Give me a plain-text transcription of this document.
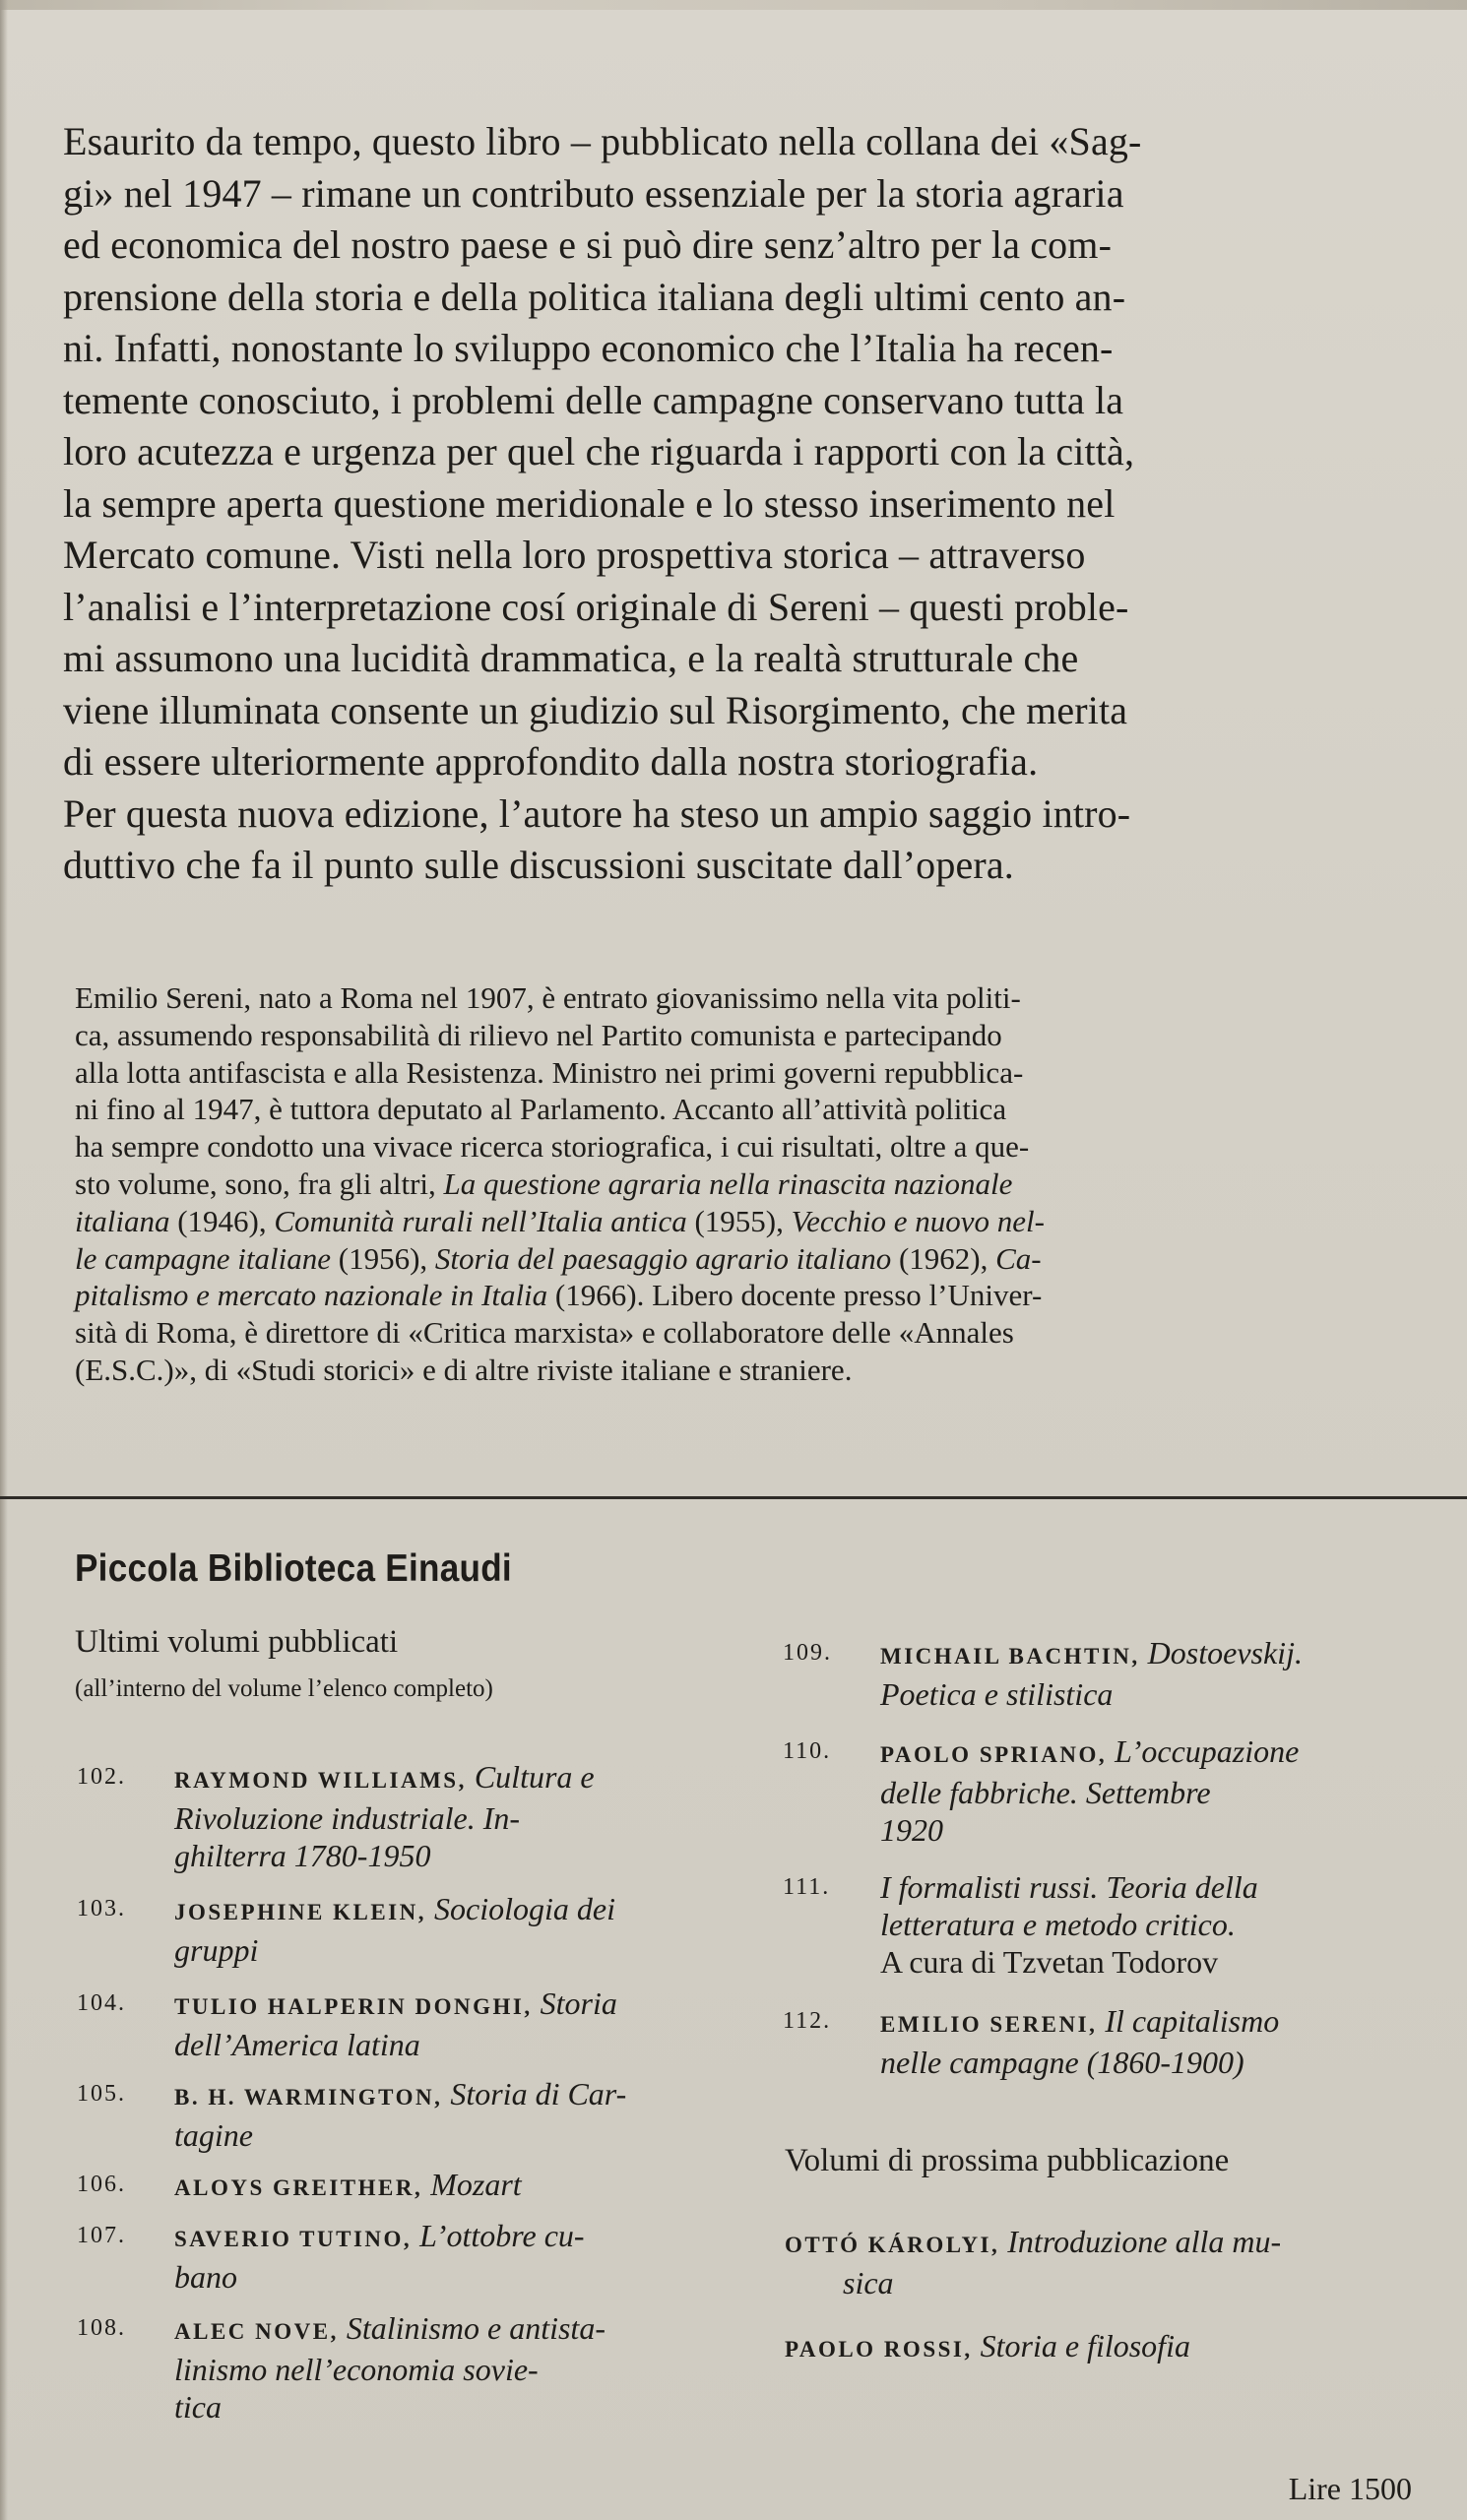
Esaurito da tempo, questo libro – pubblicato nella collana dei «Sag-
gi» nel 1947 – rimane un contributo essenziale per la storia agraria
ed economica del nostro paese e si può dire senz’altro per la com-
prensione della storia e della politica italiana degli ultimi cento an-
ni. Infatti, nonostante lo sviluppo economico che l’Italia ha recen-
temente conosciuto, i problemi delle campagne conservano tutta la
loro acutezza e urgenza per quel che riguarda i rapporti con la città,
la sempre aperta questione meridionale e lo stesso inserimento nel
Mercato comune. Visti nella loro prospettiva storica – attraverso
l’analisi e l’interpretazione cosí originale di Sereni – questi proble-
mi assumono una lucidità drammatica, e la realtà strutturale che
viene illuminata consente un giudizio sul Risorgimento, che merita
di essere ulteriormente approfondito dalla nostra storiografia.
Per questa nuova edizione, l’autore ha steso un ampio saggio intro-
duttivo che fa il punto sulle discussioni suscitate dall’opera.
Emilio Sereni, nato a Roma nel 1907, è entrato giovanissimo nella vita politi-
ca, assumendo responsabilità di rilievo nel Partito comunista e partecipando
alla lotta antifascista e alla Resistenza. Ministro nei primi governi repubblica-
ni fino al 1947, è tuttora deputato al Parlamento. Accanto all’attività politica
ha sempre condotto una vivace ricerca storiografica, i cui risultati, oltre a que-
sto volume, sono, fra gli altri, La questione agraria nella rinascita nazionale
italiana (1946), Comunità rurali nell’Italia antica (1955), Vecchio e nuovo nel-
le campagne italiane (1956), Storia del paesaggio agrario italiano (1962), Ca-
pitalismo e mercato nazionale in Italia (1966). Libero docente presso l’Univer-
sità di Roma, è direttore di «Critica marxista» e collaboratore delle «Annales
(E.S.C.)», di «Studi storici» e di altre riviste italiane e straniere.
Piccola Biblioteca Einaudi
Ultimi volumi pubblicati
(all’interno del volume l’elenco completo)
102. RAYMOND WILLIAMS, Cultura e
Rivoluzione industriale. In-
ghilterra 1780-1950
103. JOSEPHINE KLEIN, Sociologia dei
gruppi
104. TULIO HALPERIN DONGHI, Storia
dell’America latina
105. B. H. WARMINGTON, Storia di Car-
tagine
106. ALOYS GREITHER, Mozart
107. SAVERIO TUTINO, L’ottobre cu-
bano
108. ALEC NOVE, Stalinismo e antista-
linismo nell’economia sovie-
tica
109. MICHAIL BACHTIN, Dostoevskij.
Poetica e stilistica
110. PAOLO SPRIANO, L’occupazione
delle fabbriche. Settembre
1920
111. I formalisti russi. Teoria della
letteratura e metodo critico.
A cura di Tzvetan Todorov
112. EMILIO SERENI, Il capitalismo
nelle campagne (1860-1900)
Volumi di prossima pubblicazione
OTTÓ KÁROLYI, Introduzione alla mu-
sica
PAOLO ROSSI, Storia e filosofia
Lire 1500
